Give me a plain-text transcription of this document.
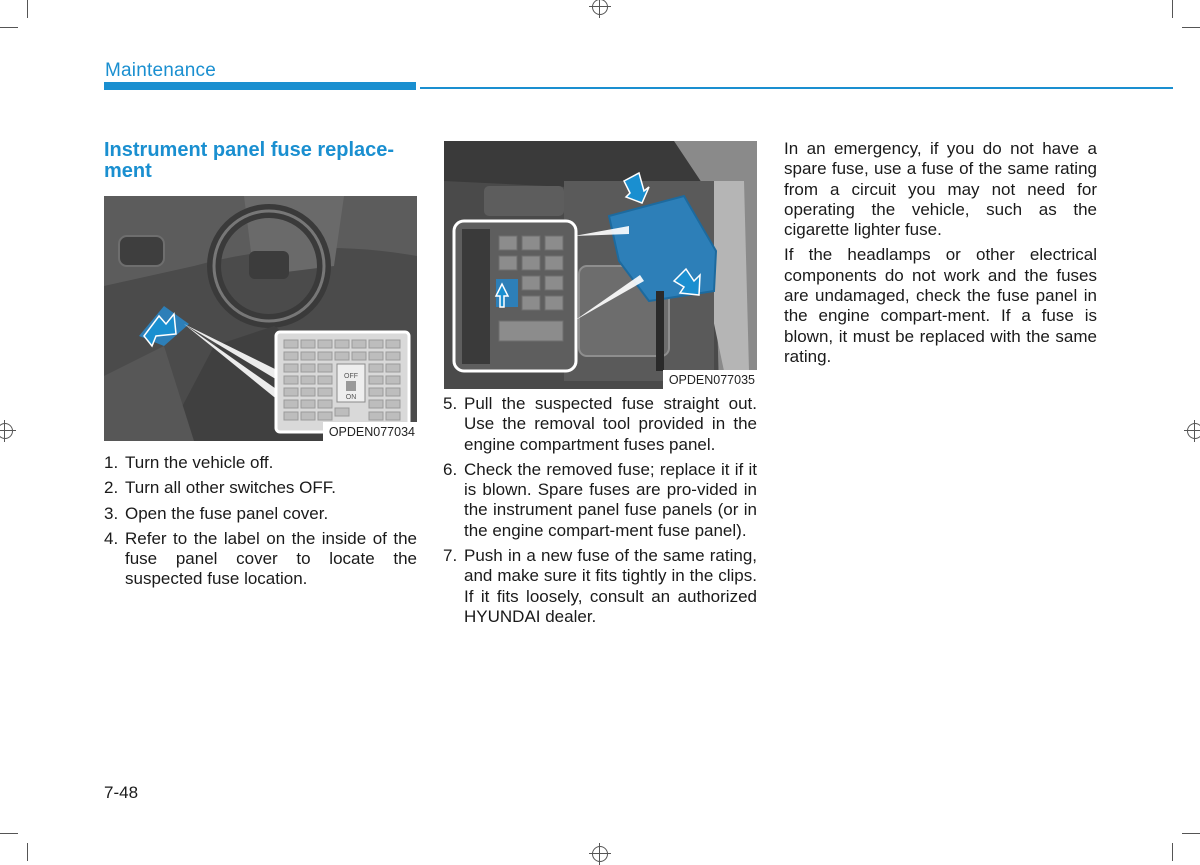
Maintenance
Instrument panel fuse replace-ment
OFF
ON
OPDEN077034
OPDEN077035
1. Turn the vehicle off.
2. Turn all other switches OFF.
3. Open the fuse panel cover.
4. Refer to the label on the inside of the fuse panel cover to locate the suspected fuse location.
5. Pull the suspected fuse straight out. Use the removal tool provided in the engine compartment fuses panel.
6. Check the removed fuse; replace it if it is blown. Spare fuses are pro-vided in the instrument panel fuse panels (or in the engine compart-ment fuse panel).
7. Push in a new fuse of the same rating, and make sure it fits tightly in the clips. If it fits loosely, consult an authorized HYUNDAI dealer.

In an emergency, if you do not have a spare fuse, use a fuse of the same rating from a circuit you may not need for operating the vehicle, such as the cigarette lighter fuse.

If the headlamps or other electrical components do not work and the fuses are undamaged, check the fuse panel in the engine compart-ment. If a fuse is blown, it must be replaced with the same rating.

7-48
